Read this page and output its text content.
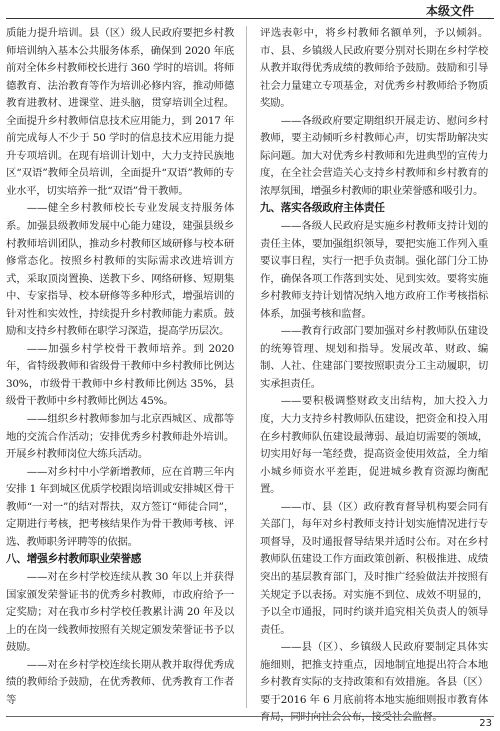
本级文件

质能力提升培训。县（区）级人民政府要把乡村教师培训纳入基本公共服务体系，确保到 2020 年底前对全体乡村教师校长进行 360 学时的培训。将师德教育、法治教育等作为培训必修内容，推动师德教育进教材、进课堂、进头脑，贯穿培训全过程。全面提升乡村教师信息技术应用能力，到 2017 年前完成每人不少于 50 学时的信息技术应用能力提升专项培训。在现有培训计划中，大力支持民族地区“双语”教师全员培训，全面提升“双语”教师的专业水平，切实培养一批“双语”骨干教师。

——健全乡村教师校长专业发展支持服务体系。加强县级教师发展中心能力建设，建强县级乡村教师培训团队，推动乡村教师区域研修与校本研修常态化。按照乡村教师的实际需求改进培训方式，采取顶岗置换、送教下乡、网络研修、短期集中、专家指导、校本研修等多种形式，增强培训的针对性和实效性，持续提升乡村教师能力素质。鼓励和支持乡村教师在职学习深造，提高学历层次。

——加强乡村学校骨干教师培养。到 2020 年，省特级教师和省级骨干教师中乡村教师比例达30%，市级骨干教师中乡村教师比例达 35%，县级骨干教师中乡村教师比例达 45%。

——组织乡村教师参加与北京西城区、成都等地的交流合作活动；安排优秀乡村教师赴外培训。开展乡村教师岗位大练兵活动。

——对乡村中小学新增教师，应在首聘三年内安排 1 年到城区优质学校跟岗培训或安排城区骨干教师“一对一”的结对帮扶，双方签订“师徒合同”，定期进行考核，把考核结果作为骨干教师考核、评选、教师职务评聘等的依据。

八、增强乡村教师职业荣誉感

——对在乡村学校连续从教 30 年以上并获得国家颁发荣誉证书的优秀乡村教师，市政府给予一定奖励；对在我市乡村学校任教累计满 20 年及以上的在岗一线教师按照有关规定颁发荣誉证书予以鼓励。

——对在乡村学校连续长期从教并取得优秀成绩的教师给予鼓励，在优秀教师、优秀教育工作者等

评选表彰中，将乡村教师名额单列，予以倾斜。市、县、乡镇级人民政府要分别对长期在乡村学校从教并取得优秀成绩的教师给予鼓励。鼓励和引导社会力量建立专项基金，对优秀乡村教师给予物质奖励。

——各级政府要定期组织开展走访、慰问乡村教师，要主动倾听乡村教师心声，切实帮助解决实际问题。加大对优秀乡村教师和先进典型的宣传力度，在全社会营造关心支持乡村教师和乡村教育的浓厚氛围，增强乡村教师的职业荣誉感和吸引力。

九、落实各级政府主体责任

——各级人民政府是实施乡村教师支持计划的责任主体，要加强组织领导，要把实施工作列入重要议事日程，实行一把手负责制。强化部门分工协作，确保各项工作落到实处、见到实效。要将实施乡村教师支持计划情况纳入地方政府工作考核指标体系，加强考核和监督。

——教育行政部门要加强对乡村教师队伍建设的统筹管理、规划和指导。发展改革、财政、编制、人社、住建部门要按照职责分工主动履职，切实承担责任。

——要积极调整财政支出结构，加大投入力度，大力支持乡村教师队伍建设，把资金和投入用在乡村教师队伍建设最薄弱、最迫切需要的领域，切实用好每一笔经费，提高资金使用效益，全力缩小城乡师资水平差距，促进城乡教育资源均衡配置。

——市、县（区）政府教育督导机构要会同有关部门，每年对乡村教师支持计划实施情况进行专项督导，及时通报督导结果并适时公布。对在乡村教师队伍建设工作方面政策创新、积极推进、成绩突出的基层教育部门，及时推广经验做法并按照有关规定予以表扬。对实施不到位、成效不明显的，予以全市通报，同时约谈并追究相关负责人的领导责任。

——县（区）、乡镇级人民政府要制定具体实施细则，把推支持重点，因地制宜地提出符合本地乡村教育实际的支持政策和有效措施。各县（区）要于2016 年 6 月底前将本地实施细则报市教育体育局，同时向社会公布，接受社会监督。

23
